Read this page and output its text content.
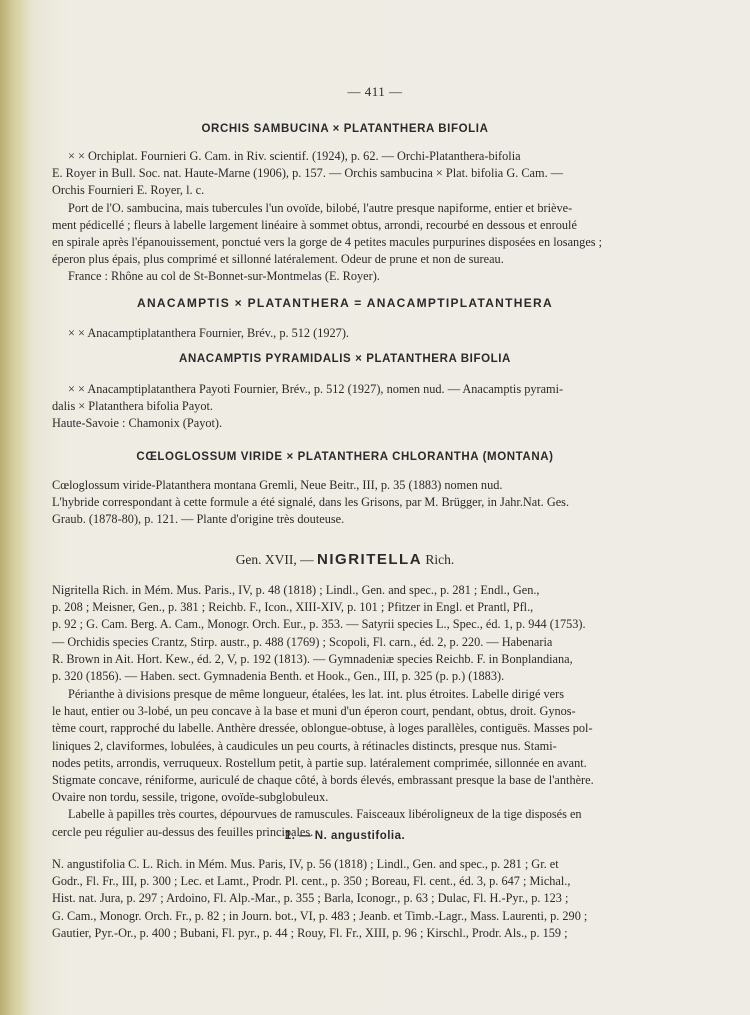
— 411 —
ORCHIS SAMBUCINA × PLATANTHERA BIFOLIA
× × Orchiplat. Fournieri G. Cam. in Riv. scientif. (1924), p. 62. — Orchi-Platanthera-bifolia
E. Royer in Bull. Soc. nat. Haute-Marne (1906), p. 157. — Orchis sambucina × Plat. bifolia G. Cam. —
Orchis Fournieri E. Royer, l. c.
Port de l'O. sambucina, mais tubercules l'un ovoïde, bilobé, l'autre presque napiforme, entier et briève-
ment pédicellé ; fleurs à labelle largement linéaire à sommet obtus, arrondi, recourbé en dessous et enroulé
en spirale après l'épanouissement, ponctué vers la gorge de 4 petites macules purpurines disposées en losanges ;
éperon plus épais, plus comprimé et sillonné latéralement. Odeur de prune et non de sureau.
France : Rhône au col de St-Bonnet-sur-Montmelas (E. Royer).
ANACAMPTIS × PLATANTHERA = ANACAMPTIPLATANTHERA
× × Anacamptiplatanthera Fournier, Brév., p. 512 (1927).
ANACAMPTIS PYRAMIDALIS × PLATANTHERA BIFOLIA
× × Anacamptiplatanthera Payoti Fournier, Brév., p. 512 (1927), nomen nud. — Anacamptis pyrami-
dalis × Platanthera bifolia Payot.
Haute-Savoie : Chamonix (Payot).
CŒLOGLOSSUM VIRIDE × PLATANTHERA CHLORANTHA (MONTANA)
Cœloglossum viride-Platanthera montana Gremli, Neue Beitr., III, p. 35 (1883) nomen nud.
L'hybride correspondant à cette formule a été signalé, dans les Grisons, par M. Brügger, in Jahr.Nat. Ges.
Graub. (1878-80), p. 121. — Plante d'origine très douteuse.
Gen. XVII, — NIGRITELLA Rich.
Nigritella Rich. in Mém. Mus. Paris., IV, p. 48 (1818) ; Lindl., Gen. and spec., p. 281 ; Endl., Gen.,
p. 208 ; Meisner, Gen., p. 381 ; Reichb. F., Icon., XIII-XIV, p. 101 ; Pfitzer in Engl. et Prantl, Pfl.,
p. 92 ; G. Cam. Berg. A. Cam., Monogr. Orch. Eur., p. 353. — Satyrii species L., Spec., éd. 1, p. 944 (1753).
— Orchidis species Crantz, Stirp. austr., p. 488 (1769) ; Scopoli, Fl. carn., éd. 2, p. 220. — Habenaria
R. Brown in Ait. Hort. Kew., éd. 2, V, p. 192 (1813). — Gymnadeniæ species Reichb. F. in Bonplandiana,
p. 320 (1856). — Haben. sect. Gymnadenia Benth. et Hook., Gen., III, p. 325 (p. p.) (1883).
Périanthe à divisions presque de même longueur, étalées, les lat. int. plus étroites. Labelle dirigé vers
le haut, entier ou 3-lobé, un peu concave à la base et muni d'un éperon court, pendant, obtus, droit. Gynos-
tème court, rapproché du labelle. Anthère dressée, oblongue-obtuse, à loges parallèles, contiguës. Masses pol-
liniques 2, claviformes, lobulées, à caudicules un peu courts, à rétinacles distincts, presque nus. Stami-
nodes petits, arrondis, verruqueux. Rostellum petit, à partie sup. latéralement comprimée, sillonnée en avant.
Stigmate concave, réniforme, auriculé de chaque côté, à bords élevés, embrassant presque la base de l'anthère.
Ovaire non tordu, sessile, trigone, ovoïde-subglobuleux.
Labelle à papilles très courtes, dépourvues de ramuscules. Faisceaux libéroligneux de la tige disposés en
cercle peu régulier au-dessus des feuilles principales.
1. — N. angustifolia.
N. angustifolia C. L. Rich. in Mém. Mus. Paris, IV, p. 56 (1818) ; Lindl., Gen. and spec., p. 281 ; Gr. et
Godr., Fl. Fr., III, p. 300 ; Lec. et Lamt., Prodr. Pl. cent., p. 350 ; Boreau, Fl. cent., éd. 3, p. 647 ; Michal.,
Hist. nat. Jura, p. 297 ; Ardoino, Fl. Alp.-Mar., p. 355 ; Barla, Iconogr., p. 63 ; Dulac, Fl. H.-Pyr., p. 123 ;
G. Cam., Monogr. Orch. Fr., p. 82 ; in Journ. bot., VI, p. 483 ; Jeanb. et Timb.-Lagr., Mass. Laurenti, p. 290 ;
Gautier, Pyr.-Or., p. 400 ; Bubani, Fl. pyr., p. 44 ; Rouy, Fl. Fr., XIII, p. 96 ; Kirschl., Prodr. Als., p. 159 ;
